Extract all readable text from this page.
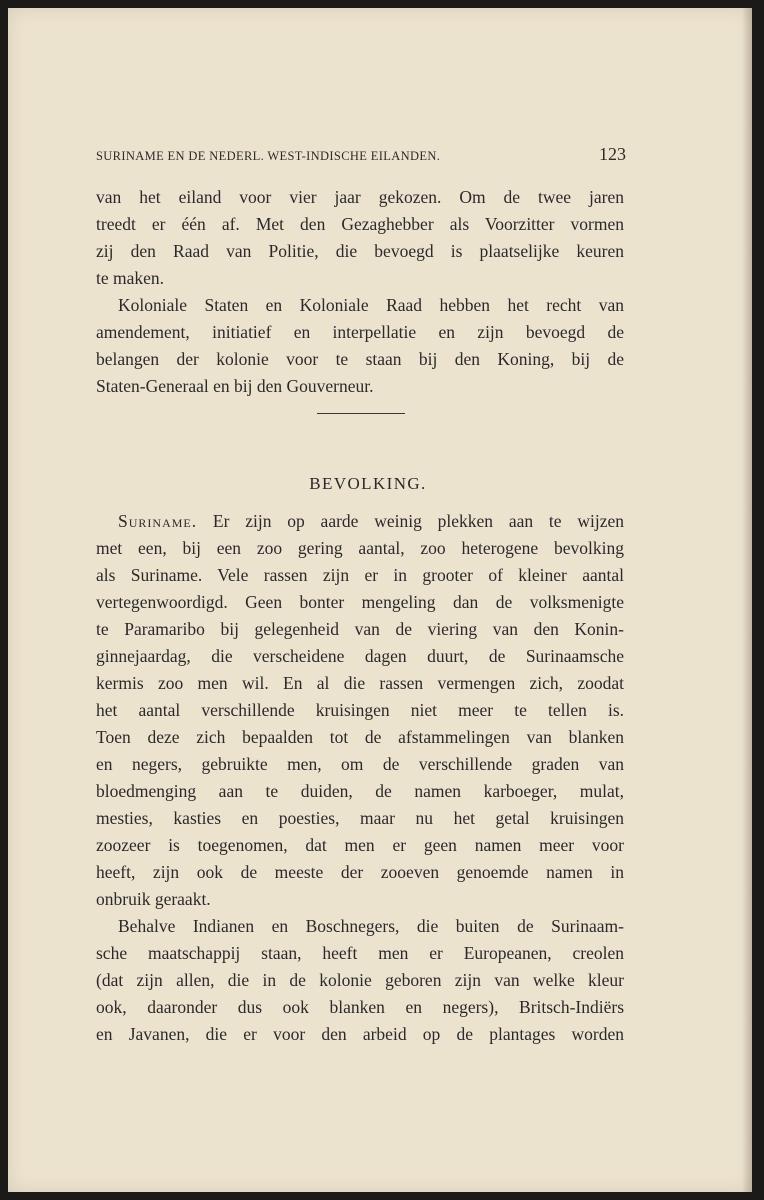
SURINAME EN DE NEDERL. WEST-INDISCHE EILANDEN.	123
van het eiland voor vier jaar gekozen. Om de twee jaren
treedt er één af. Met den Gezaghebber als Voorzitter vormen
zij den Raad van Politie, die bevoegd is plaatselijke keuren
te maken.
Koloniale Staten en Koloniale Raad hebben het recht van
amendement, initiatief en interpellatie en zijn bevoegd de
belangen der kolonie voor te staan bij den Koning, bij de
Staten-Generaal en bij den Gouverneur.
BEVOLKING.
Suriname. Er zijn op aarde weinig plekken aan te wijzen
met een, bij een zoo gering aantal, zoo heterogene bevolking
als Suriname. Vele rassen zijn er in grooter of kleiner aantal
vertegenwoordigd. Geen bonter mengeling dan de volksmenigte
te Paramaribo bij gelegenheid van de viering van den Konin-
ginnejaardag, die verscheidene dagen duurt, de Surinaamsche
kermis zoo men wil. En al die rassen vermengen zich, zoodat
het aantal verschillende kruisingen niet meer te tellen is.
Toen deze zich bepaalden tot de afstammelingen van blanken
en negers, gebruikte men, om de verschillende graden van
bloedmenging aan te duiden, de namen karboeger, mulat,
mesties, kasties en poesties, maar nu het getal kruisingen
zoozeer is toegenomen, dat men er geen namen meer voor
heeft, zijn ook de meeste der zooeven genoemde namen in
onbruik geraakt.
Behalve Indianen en Boschnegers, die buiten de Surinaam-
sche maatschappij staan, heeft men er Europeanen, creolen
(dat zijn allen, die in de kolonie geboren zijn van welke kleur
ook, daaronder dus ook blanken en negers), Britsch-Indiërs
en Javanen, die er voor den arbeid op de plantages worden
